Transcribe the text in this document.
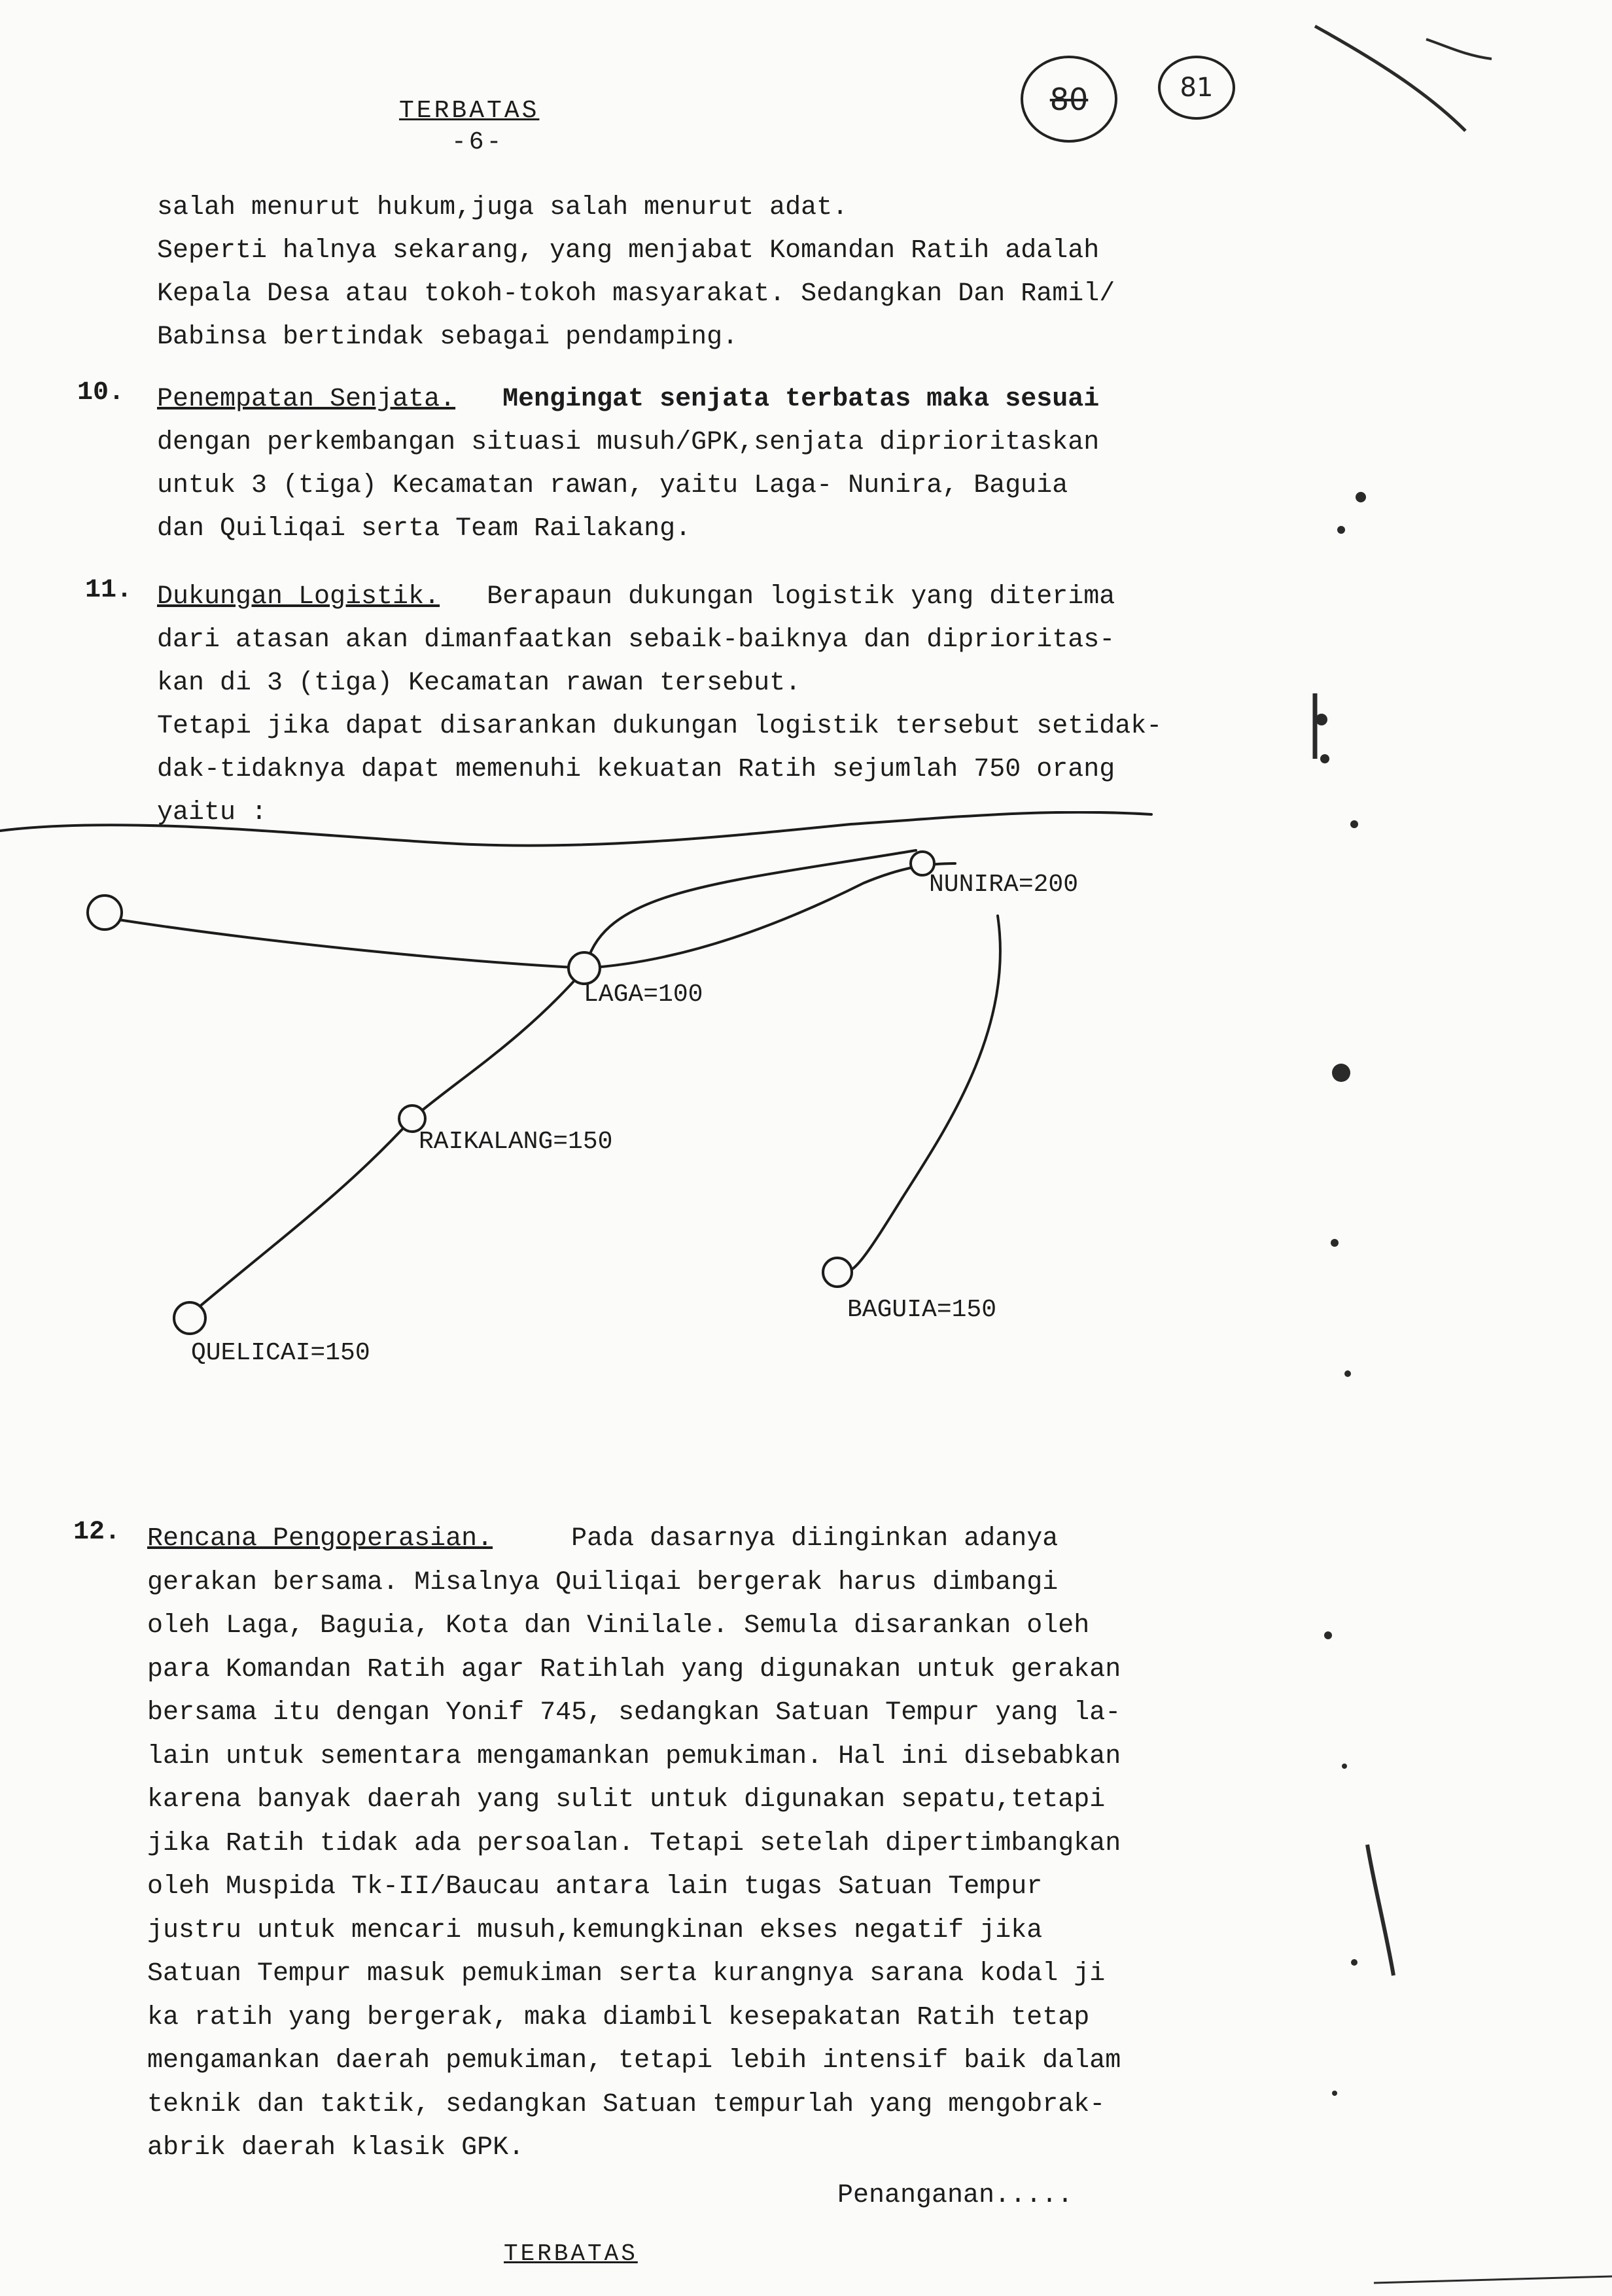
TERBATAS
-6-
80	81
salah menurut hukum,juga salah menurut adat.
Seperti halnya sekarang, yang menjabat Komandan Ratih adalah
Kepala Desa atau tokoh-tokoh masyarakat. Sedangkan Dan Ramil/
Babinsa bertindak sebagai pendamping.
10. Penempatan Senjata. Mengingat senjata terbatas maka sesuai
dengan perkembangan situasi musuh/GPK,senjata diprioritaskan
untuk 3 (tiga) Kecamatan rawan, yaitu Laga- Nunira, Baguia
dan Quiliqai serta Team Railakang.
11. Dukungan Logistik. Berapaun dukungan logistik yang diterima
dari atasan akan dimanfaatkan sebaik-baiknya dan diprioritas-
kan di 3 (tiga) Kecamatan rawan tersebut.
Tetapi jika dapat disarankan dukungan logistik tersebut setidak-
dak-tidaknya dapat memenuhi kekuatan Ratih sejumlah 750 orang
yaitu :
NUNIRA=200
LAGA=100
RAIKALANG=150
QUELICAI=150
BAGUIA=150
12. Rencana Pengoperasian.	Pada dasarnya diinginkan adanya
gerakan bersama. Misalnya Quiliqai bergerak harus dimbangi
oleh Laga, Baguia, Kota dan Vinilale. Semula disarankan oleh
para Komandan Ratih agar Ratihlah yang digunakan untuk gerakan
bersama itu dengan Yonif 745, sedangkan Satuan Tempur yang la-
lain untuk sementara mengamankan pemukiman. Hal ini disebabkan
karena banyak daerah yang sulit untuk digunakan sepatu,tetapi
jika Ratih tidak ada persoalan. Tetapi setelah dipertimbangkan
oleh Muspida Tk-II/Baucau antara lain tugas Satuan Tempur
justru untuk mencari musuh,kemungkinan ekses negatif jika
Satuan Tempur masuk pemukiman serta kurangnya sarana kodal ji
ka ratih yang bergerak, maka diambil kesepakatan Ratih tetap
mengamankan daerah pemukiman, tetapi lebih intensif baik dalam
teknik dan taktik, sedangkan Satuan tempurlah yang mengobrak-
abrik daerah klasik GPK.
Penanganan.....
TERBATAS
